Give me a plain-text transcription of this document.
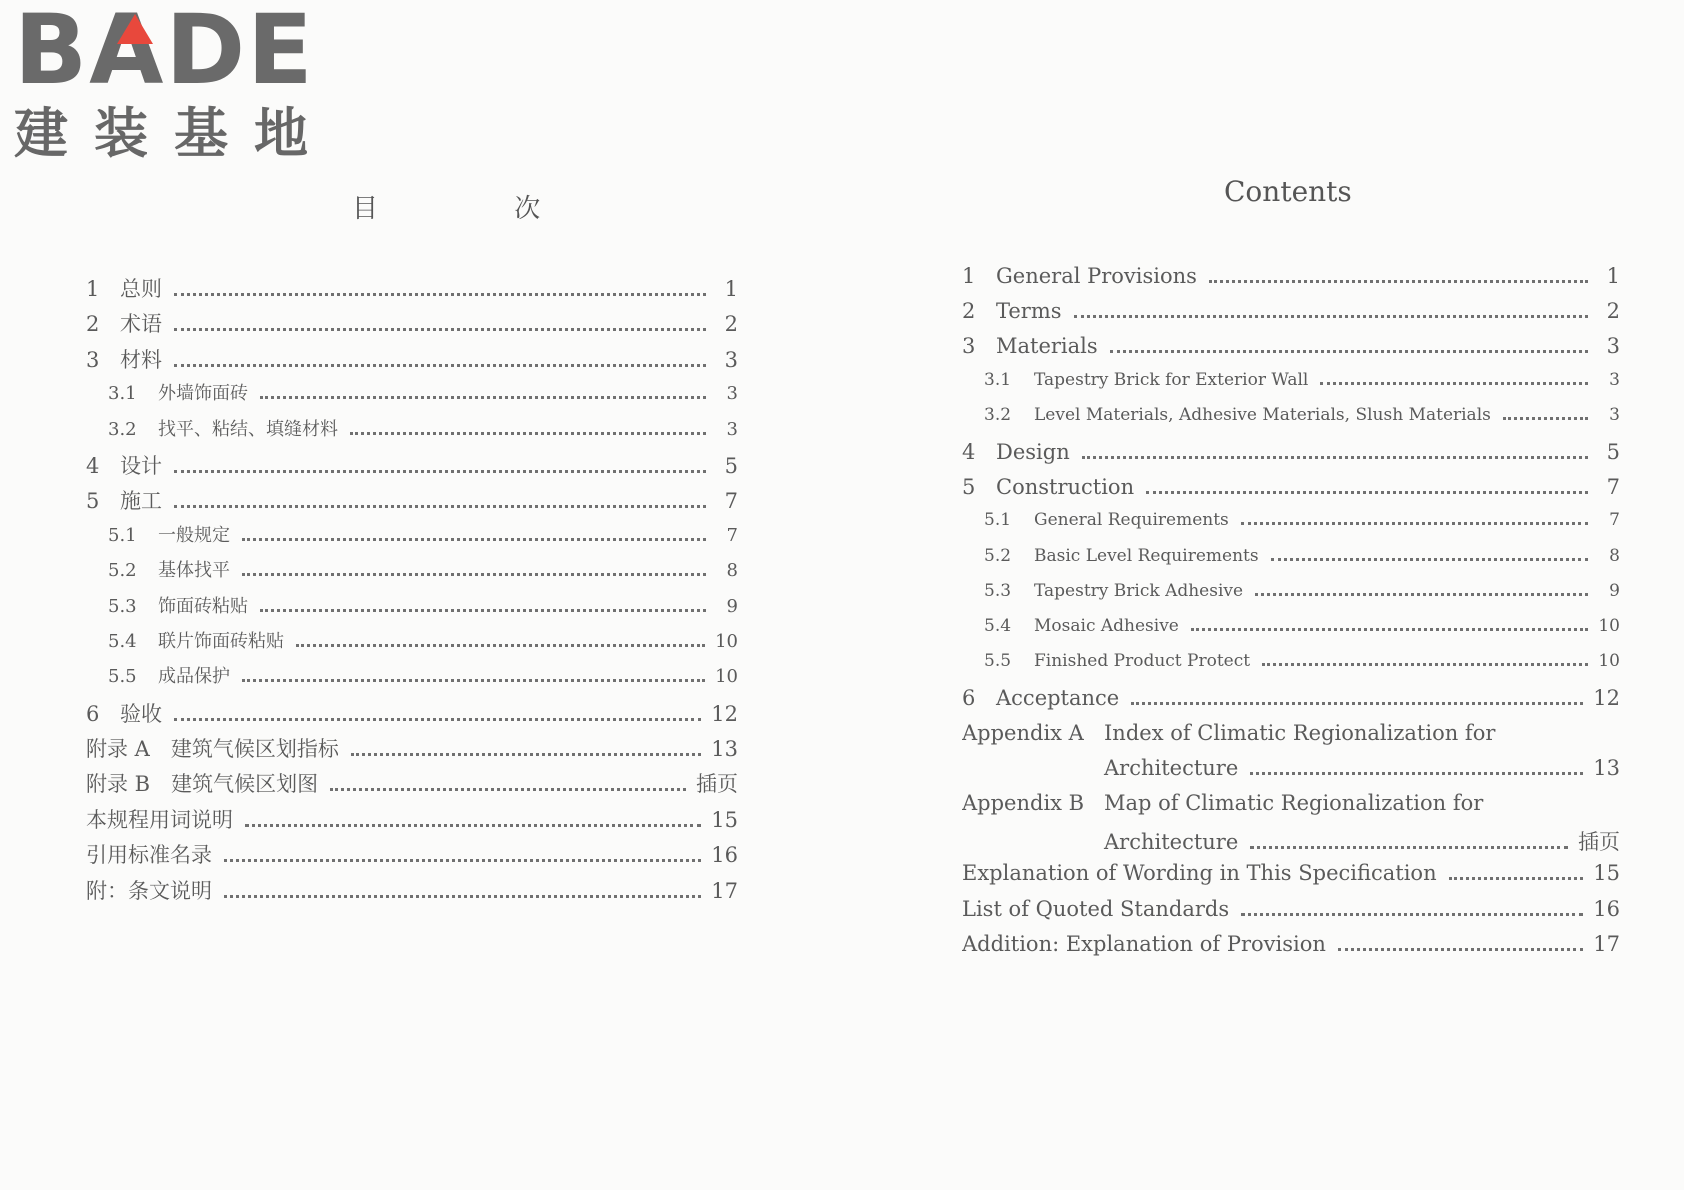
BADE
建装基地
目 次
Contents
1 总则	1
2 术语	2
3 材料	3
3.1	外墙饰面砖	3
3.2	找平、粘结、填缝材料	3
4 设计	5
5 施工	7
5.1	一般规定	7
5.2	基体找平	8
5.3	饰面砖粘贴	9
5.4	联片饰面砖粘贴	10
5.5	成品保护	10
6 验收	12
附录 A　建筑气候区划指标	13
附录 B　建筑气候区划图	插页
本规程用词说明	15
引用标准名录	16
附：条文说明	17
1 General Provisions	1
2 Terms	2
3 Materials	3
3.1	Tapestry Brick for Exterior Wall	3
3.2	Level Materials, Adhesive Materials, Slush Materials	3
4 Design	5
5 Construction	7
5.1	General Requirements	7
5.2	Basic Level Requirements	8
5.3	Tapestry Brick Adhesive	9
5.4	Mosaic Adhesive	10
5.5	Finished Product Protect	10
6 Acceptance	12
Appendix A Index of Climatic Regionalization for
Architecture	13
Appendix B Map of Climatic Regionalization for
Architecture	插页
Explanation of Wording in This Specification	15
List of Quoted Standards	16
Addition: Explanation of Provision	17
